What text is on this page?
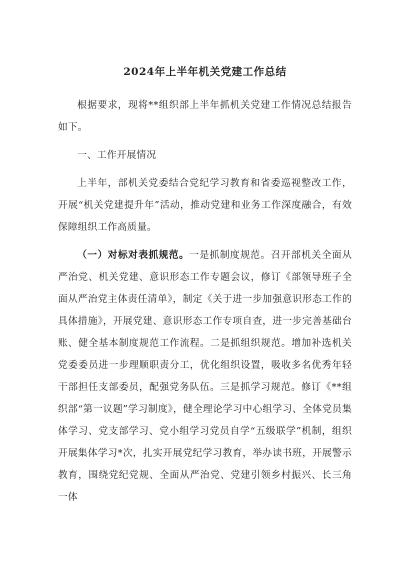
2024年上半年机关党建工作总结

根据要求，现将**组织部上半年抓机关党建工作情况总结报告如下。

一、工作开展情况

上半年，部机关党委结合党纪学习教育和省委巡视整改工作，开展“机关党建提升年”活动，推动党建和业务工作深度融合，有效保障组织工作高质量。

（一）对标对表抓规范。一是抓制度规范。召开部机关全面从严治党、机关党建、意识形态工作专题会议，修订《部领导班子全面从严治党主体责任清单》，制定《关于进一步加强意识形态工作的具体措施》，开展党建、意识形态工作专项自查，进一步完善基础台账、健全基本制度规范工作流程。二是抓组织规范。增加补选机关党委委员进一步理顺职责分工，优化组织设置，吸收多名优秀年轻干部担任支部委员，配强党务队伍。三是抓学习规范。修订《**组织部“第一议题”学习制度》，健全理论学习中心组学习、全体党员集体学习、党支部学习、党小组学习党员自学“五级联学”机制，组织开展集体学习*次，扎实开展党纪学习教育，举办读书班，开展警示教育，围绕党纪党规、全面从严治党、党建引领乡村振兴、长三角一体
